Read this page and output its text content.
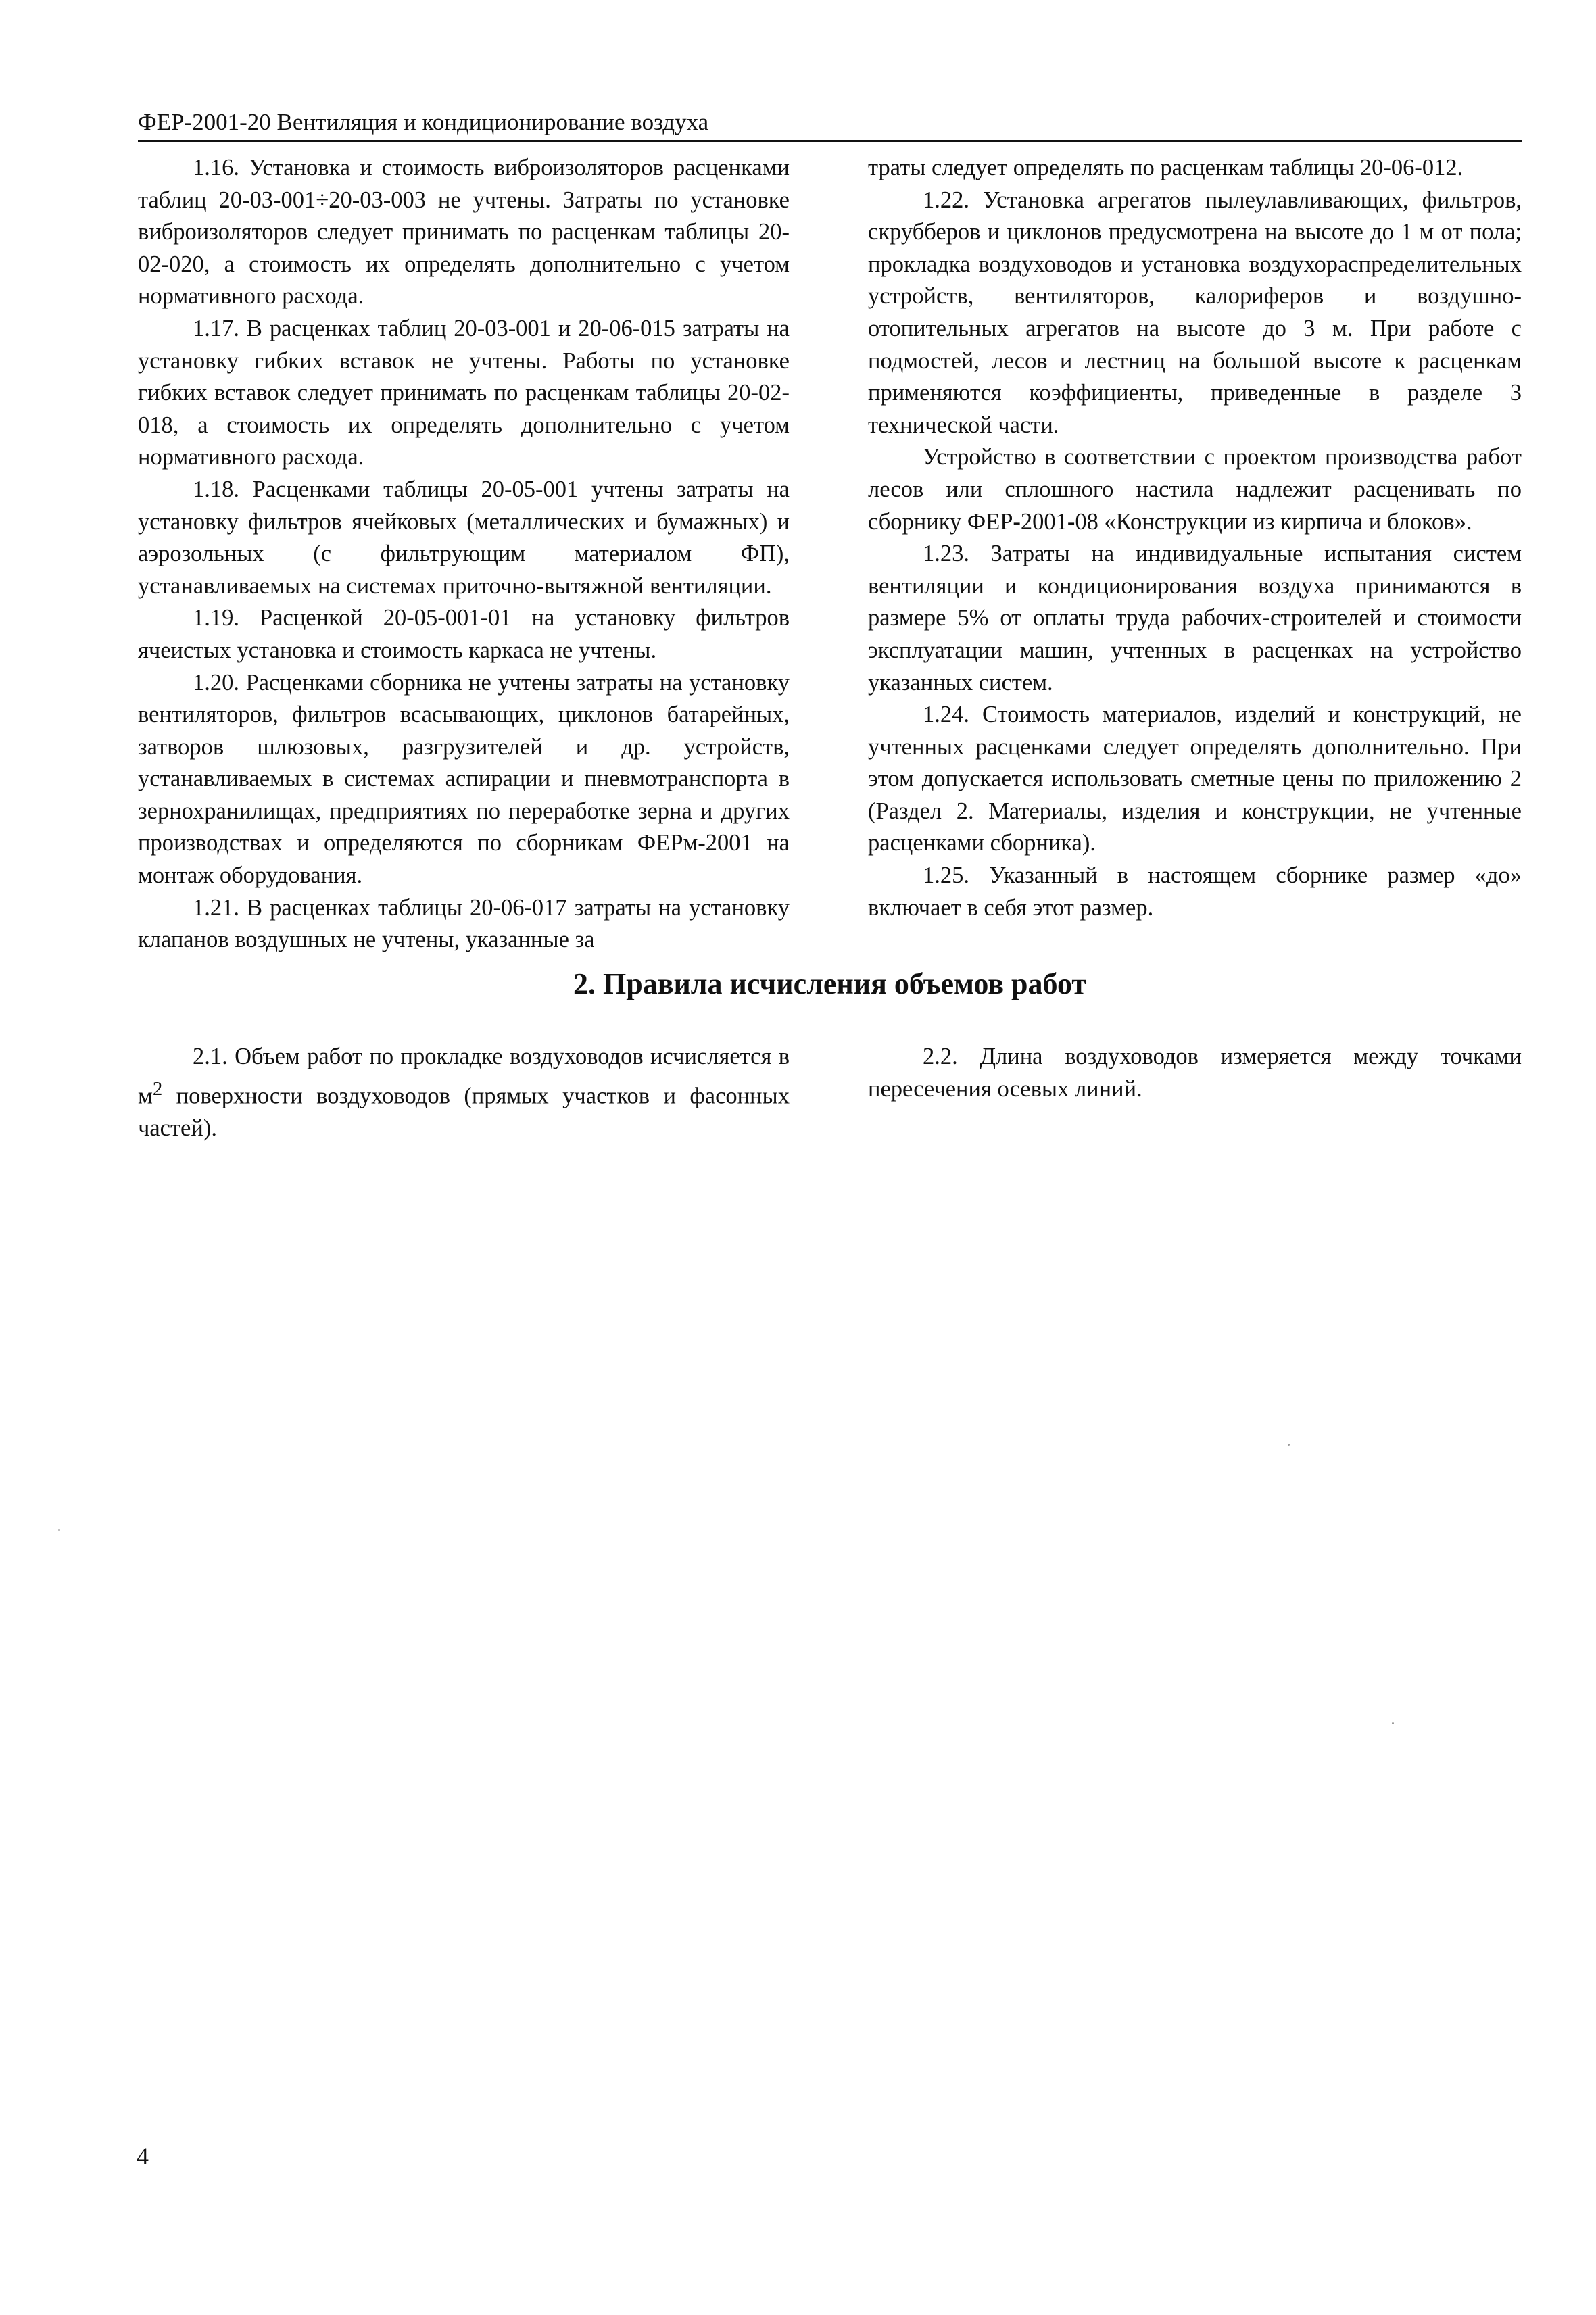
ФЕР-2001-20 Вентиляция и кондиционирование воздуха

1.16. Установка и стоимость виброизоляторов расценками таблиц 20-03-001÷20-03-003 не учтены. Затраты по установке виброизоляторов следует принимать по расценкам таблицы 20-02-020, а стоимость их определять дополнительно с учетом нормативного расхода.

1.17. В расценках таблиц 20-03-001 и 20-06-015 затраты на установку гибких вставок не учтены. Работы по установке гибких вставок следует принимать по расценкам таблицы 20-02-018, а стоимость их определять дополнительно с учетом нормативного расхода.

1.18. Расценками таблицы 20-05-001 учтены затраты на установку фильтров ячейковых (металлических и бумажных) и аэрозольных (с фильтрующим материалом ФП), устанавливаемых на системах приточно-вытяжной вентиляции.

1.19. Расценкой 20-05-001-01 на установку фильтров ячеистых установка и стоимость каркаса не учтены.

1.20. Расценками сборника не учтены затраты на установку вентиляторов, фильтров всасывающих, циклонов батарейных, затворов шлюзовых, разгрузителей и др. устройств, устанавливаемых в системах аспирации и пневмотранспорта в зернохранилищах, предприятиях по переработке зерна и других производствах и определяются по сборникам ФЕРм-2001 на монтаж оборудования.

1.21. В расценках таблицы 20-06-017 затраты на установку клапанов воздушных не учтены, указанные за

траты следует определять по расценкам таблицы 20-06-012.

1.22. Установка агрегатов пылеулавливающих, фильтров, скрубберов и циклонов предусмотрена на высоте до 1 м от пола; прокладка воздуховодов и установка воздухораспределительных устройств, вентиляторов, калориферов и воздушно-отопительных агрегатов на высоте до 3 м. При работе с подмостей, лесов и лестниц на большой высоте к расценкам применяются коэффициенты, приведенные в разделе 3 технической части.

Устройство в соответствии с проектом производства работ лесов или сплошного настила надлежит расценивать по сборнику ФЕР-2001-08 «Конструкции из кирпича и блоков».

1.23. Затраты на индивидуальные испытания систем вентиляции и кондиционирования воздуха принимаются в размере 5% от оплаты труда рабочих-строителей и стоимости эксплуатации машин, учтенных в расценках на устройство указанных систем.

1.24. Стоимость материалов, изделий и конструкций, не учтенных расценками следует определять дополнительно. При этом допускается использовать сметные цены по приложению 2 (Раздел 2. Материалы, изделия и конструкции, не учтенные расценками сборника).

1.25. Указанный в настоящем сборнике размер «до» включает в себя этот размер.

2. Правила исчисления объемов работ

2.1. Объем работ по прокладке воздуховодов исчисляется в $м^2$ поверхности воздуховодов (прямых участков и фасонных частей).

2.2. Длина воздуховодов измеряется между точками пересечения осевых линий.

4
